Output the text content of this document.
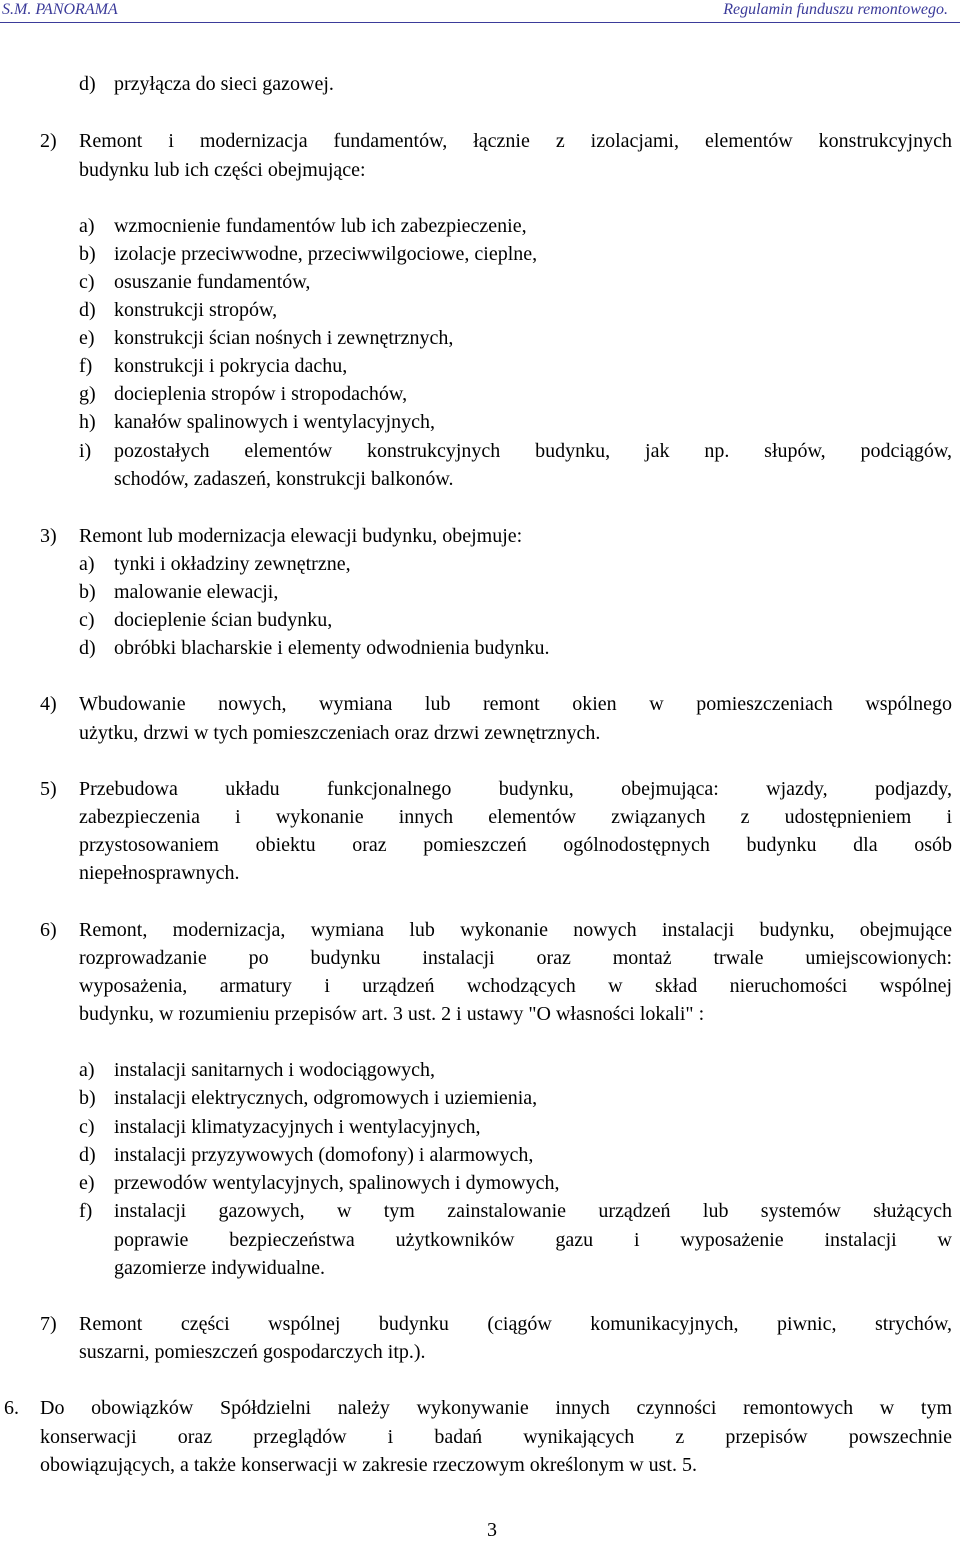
S.M. PANORAMA	Regulamin funduszu remontowego.
d) przyłącza do sieci gazowej.
2) Remont i modernizacja fundamentów, łącznie z izolacjami, elementów konstrukcyjnych
budynku lub ich części obejmujące:
a) wzmocnienie fundamentów lub ich zabezpieczenie,
b) izolacje przeciwwodne, przeciwwilgociowe, cieplne,
c) osuszanie fundamentów,
d) konstrukcji stropów,
e) konstrukcji ścian nośnych i zewnętrznych,
f) konstrukcji i pokrycia dachu,
g) docieplenia stropów i stropodachów,
h) kanałów spalinowych i wentylacyjnych,
i) pozostałych elementów konstrukcyjnych budynku, jak np. słupów, podciągów,
schodów, zadaszeń, konstrukcji balkonów.
3) Remont lub modernizacja elewacji budynku, obejmuje:
a) tynki i okładziny zewnętrzne,
b) malowanie elewacji,
c) docieplenie ścian budynku,
d) obróbki blacharskie i elementy odwodnienia budynku.
4) Wbudowanie nowych, wymiana lub remont okien w pomieszczeniach wspólnego
użytku, drzwi w tych pomieszczeniach oraz drzwi zewnętrznych.
5) Przebudowa układu funkcjonalnego budynku, obejmująca: wjazdy, podjazdy,
zabezpieczenia i wykonanie innych elementów związanych z udostępnieniem i
przystosowaniem obiektu oraz pomieszczeń ogólnodostępnych budynku dla osób
niepełnosprawnych.
6) Remont, modernizacja, wymiana lub wykonanie nowych instalacji budynku, obejmujące
rozprowadzanie po budynku instalacji oraz montaż trwale umiejscowionych:
wyposażenia, armatury i urządzeń wchodzących w skład nieruchomości wspólnej
budynku, w rozumieniu przepisów art. 3 ust. 2 i ustawy "O własności lokali" :
a) instalacji sanitarnych i wodociągowych,
b) instalacji elektrycznych, odgromowych i uziemienia,
c) instalacji klimatyzacyjnych i wentylacyjnych,
d) instalacji przyzywowych (domofony) i alarmowych,
e) przewodów wentylacyjnych, spalinowych i dymowych,
f) instalacji gazowych, w tym zainstalowanie urządzeń lub systemów służących
poprawie bezpieczeństwa użytkowników gazu i wyposażenie instalacji w
gazomierze indywidualne.
7) Remont części wspólnej budynku (ciągów komunikacyjnych, piwnic, strychów,
suszarni, pomieszczeń gospodarczych itp.).
6. Do obowiązków Spółdzielni należy wykonywanie innych czynności remontowych w tym
konserwacji oraz przeglądów i badań wynikających z przepisów powszechnie
obowiązujących, a także konserwacji w zakresie rzeczowym określonym w ust. 5.
3
